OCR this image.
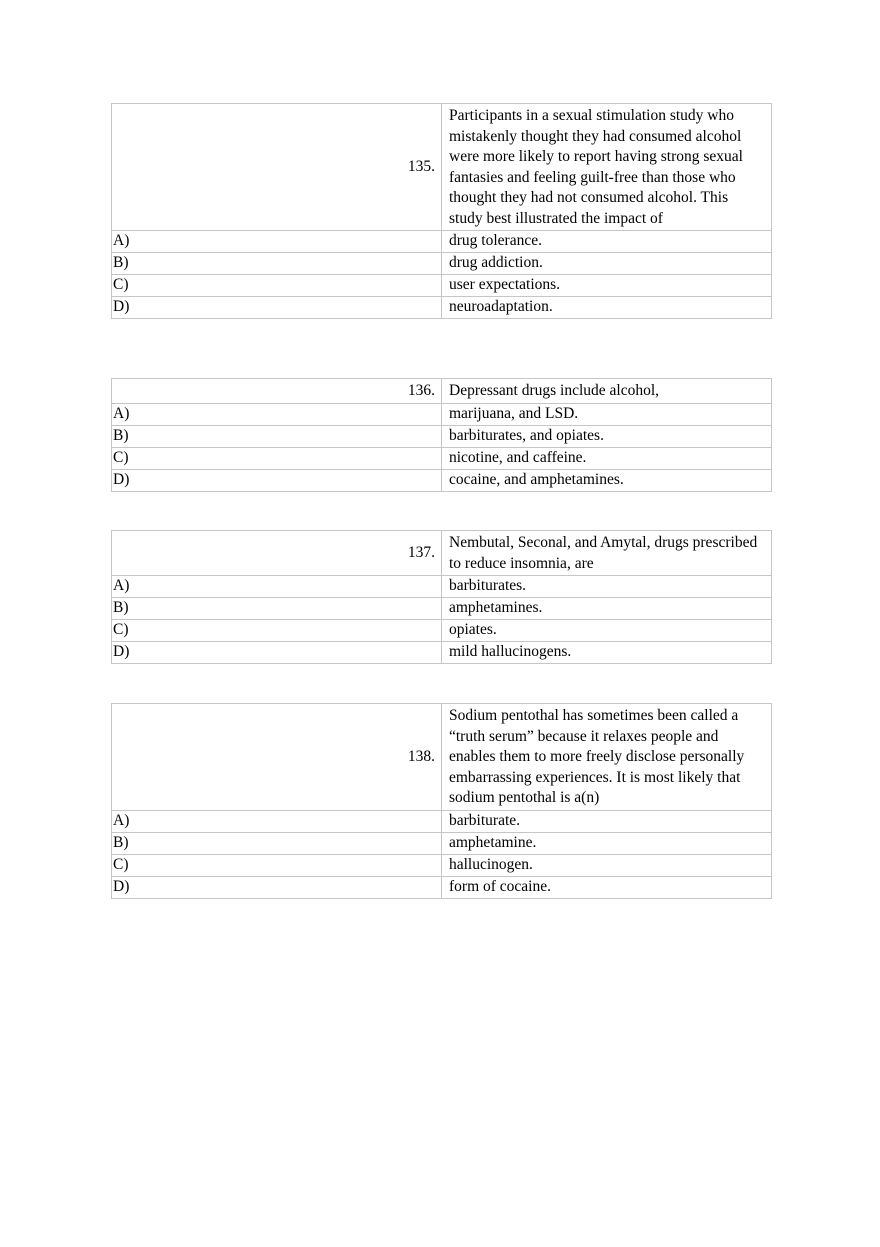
135.	Participants in a sexual stimulation study who mistakenly thought they had consumed alcohol were more likely to report having strong sexual fantasies and feeling guilt-free than those who thought they had not consumed alcohol. This study best illustrated the impact of
A)	drug tolerance.
B)	drug addiction.
C)	user expectations.
D)	neuroadaptation.
136.	Depressant drugs include alcohol,
A)	marijuana, and LSD.
B)	barbiturates, and opiates.
C)	nicotine, and caffeine.
D)	cocaine, and amphetamines.
137.	Nembutal, Seconal, and Amytal, drugs prescribed to reduce insomnia, are
A)	barbiturates.
B)	amphetamines.
C)	opiates.
D)	mild hallucinogens.
138.	Sodium pentothal has sometimes been called a “truth serum” because it relaxes people and enables them to more freely disclose personally embarrassing experiences. It is most likely that sodium pentothal is a(n)
A)	barbiturate.
B)	amphetamine.
C)	hallucinogen.
D)	form of cocaine.
